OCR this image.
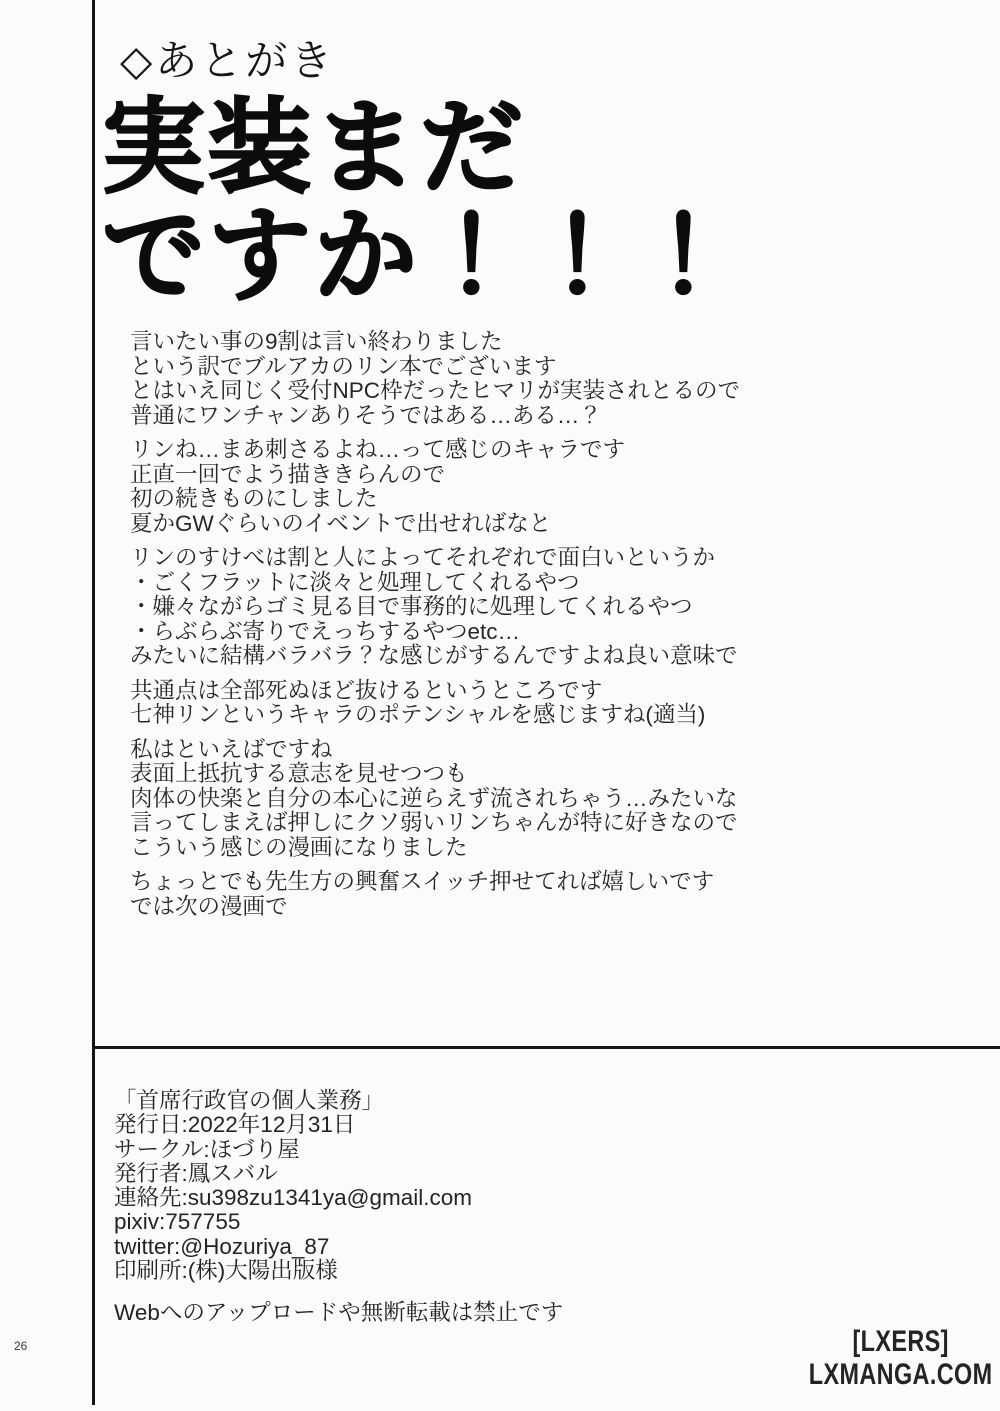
◇あとがき
実装まだ
ですか！！！
言いたい事の9割は言い終わりました
という訳でブルアカのリン本でございます
とはいえ同じく受付NPC枠だったヒマリが実装されとるので
普通にワンチャンありそうではある…ある…？
リンね…まあ刺さるよね…って感じのキャラです
正直一回でよう描ききらんので
初の続きものにしました
夏かGWぐらいのイベントで出せればなと
リンのすけべは割と人によってそれぞれで面白いというか
・ごくフラットに淡々と処理してくれるやつ
・嫌々ながらゴミ見る目で事務的に処理してくれるやつ
・らぶらぶ寄りでえっちするやつetc…
みたいに結構バラバラ？な感じがするんですよね良い意味で
共通点は全部死ぬほど抜けるというところです
七神リンというキャラのポテンシャルを感じますね(適当)
私はといえばですね
表面上抵抗する意志を見せつつも
肉体の快楽と自分の本心に逆らえず流されちゃう…みたいな
言ってしまえば押しにクソ弱いリンちゃんが特に好きなので
こういう感じの漫画になりました
ちょっとでも先生方の興奮スイッチ押せてれば嬉しいです
では次の漫画で
「首席行政官の個人業務」
発行日:2022年12月31日
サークル:ほづり屋
発行者:鳳スバル
連絡先:su398zu1341ya@gmail.com
pixiv:757755
twitter:@Hozuriya_87
印刷所:(株)大陽出版様
Webへのアップロードや無断転載は禁止です
26	[LXERS]
LXMANGA.COM
